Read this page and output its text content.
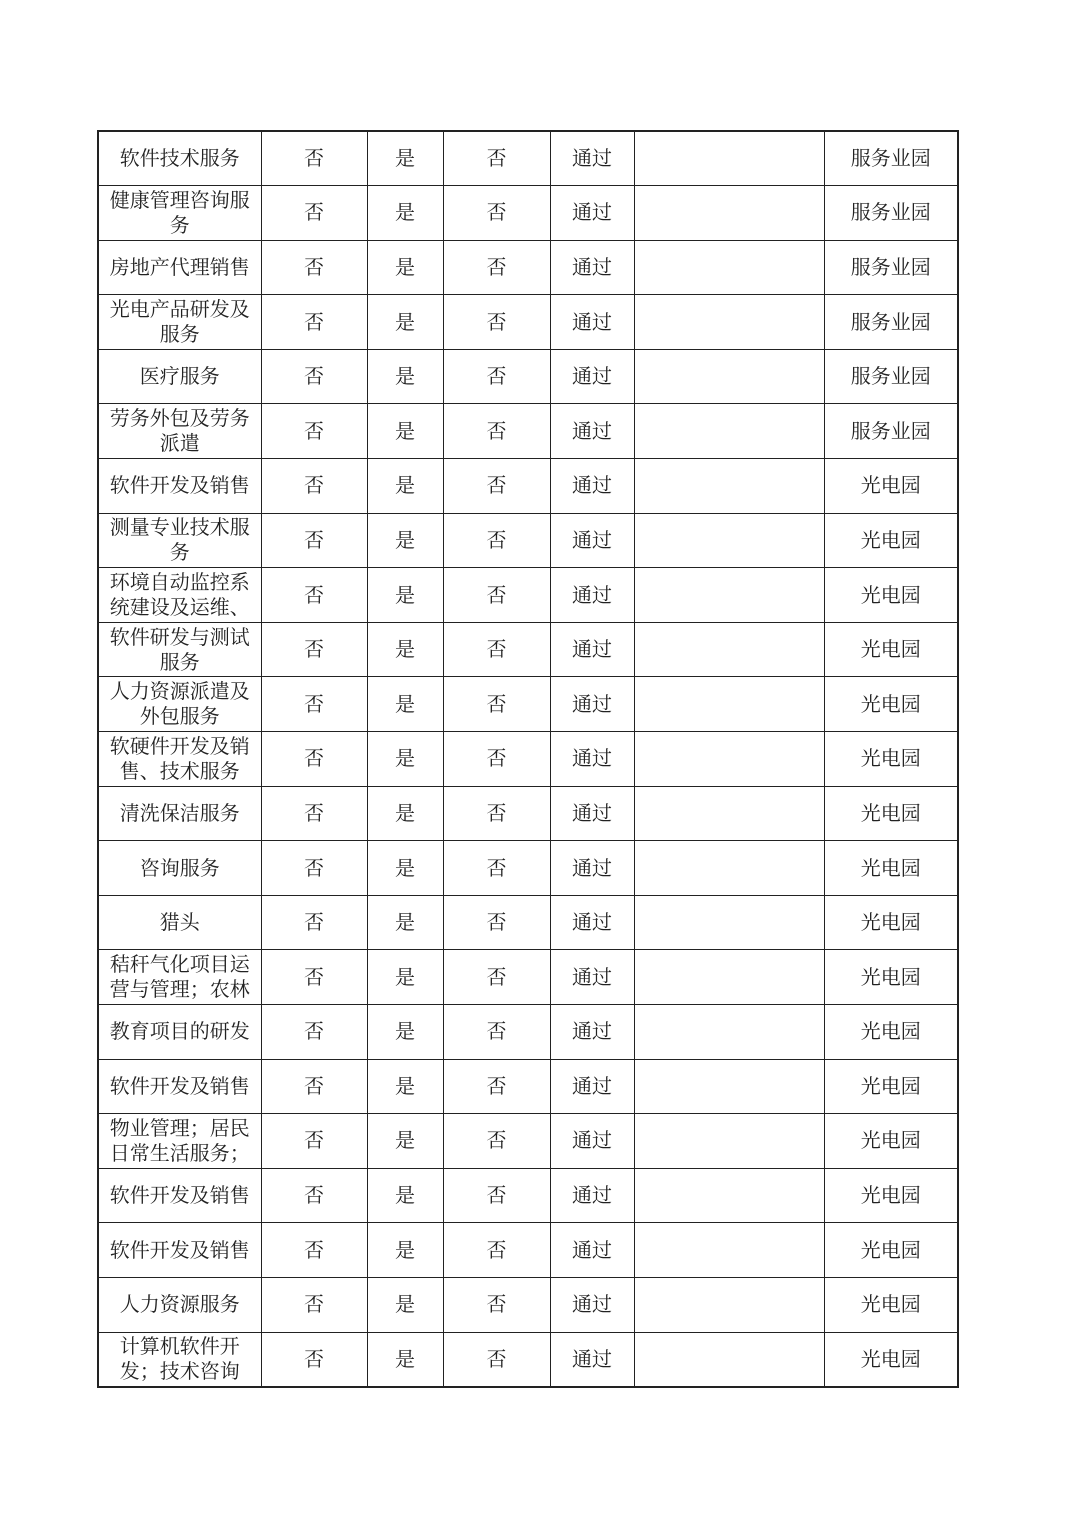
软件技术服务	否	是	否	通过		服务业园
健康管理咨询服务	否	是	否	通过		服务业园
房地产代理销售	否	是	否	通过		服务业园
光电产品研发及服务	否	是	否	通过		服务业园
医疗服务	否	是	否	通过		服务业园
劳务外包及劳务派遣	否	是	否	通过		服务业园
软件开发及销售	否	是	否	通过		光电园
测量专业技术服务	否	是	否	通过		光电园
环境自动监控系统建设及运维、	否	是	否	通过		光电园
软件研发与测试服务	否	是	否	通过		光电园
人力资源派遣及外包服务	否	是	否	通过		光电园
软硬件开发及销售、技术服务	否	是	否	通过		光电园
清洗保洁服务	否	是	否	通过		光电园
咨询服务	否	是	否	通过		光电园
猎头	否	是	否	通过		光电园
秸秆气化项目运营与管理；农林	否	是	否	通过		光电园
教育项目的研发	否	是	否	通过		光电园
软件开发及销售	否	是	否	通过		光电园
物业管理；居民日常生活服务；	否	是	否	通过		光电园
软件开发及销售	否	是	否	通过		光电园
软件开发及销售	否	是	否	通过		光电园
人力资源服务	否	是	否	通过		光电园
计算机软件开发；技术咨询	否	是	否	通过		光电园
